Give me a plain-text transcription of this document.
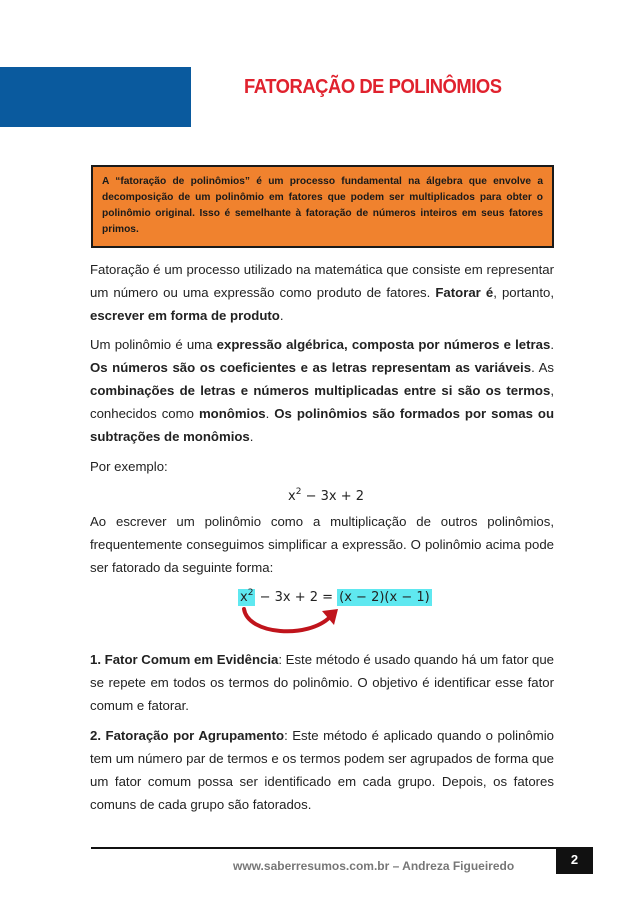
FATORAÇÃO DE POLINÔMIOS
A “fatoração de polinômios” é um processo fundamental na álgebra que envolve a decomposição de um polinômio em fatores que podem ser multiplicados para obter o polinômio original. Isso é semelhante à fatoração de números inteiros em seus fatores primos.
Fatoração é um processo utilizado na matemática que consiste em representar um número ou uma expressão como produto de fatores. Fatorar é, portanto, escrever em forma de produto.
Um polinômio é uma expressão algébrica, composta por números e letras. Os números são os coeficientes e as letras representam as variáveis. As combinações de letras e números multiplicadas entre si são os termos, conhecidos como monômios. Os polinômios são formados por somas ou subtrações de monômios.
Por exemplo:
$x^2 - 3x + 2$
Ao escrever um polinômio como a multiplicação de outros polinômios, frequentemente conseguimos simplificar a expressão. O polinômio acima pode ser fatorado da seguinte forma:
$x^2 - 3x + 2 = (x - 2)(x - 1)$
1. Fator Comum em Evidência: Este método é usado quando há um fator que se repete em todos os termos do polinômio. O objetivo é identificar esse fator comum e fatorar.
2. Fatoração por Agrupamento: Este método é aplicado quando o polinômio tem um número par de termos e os termos podem ser agrupados de forma que um fator comum possa ser identificado em cada grupo. Depois, os fatores comuns de cada grupo são fatorados.
www.saberresumos.com.br – Andreza Figueiredo	2
